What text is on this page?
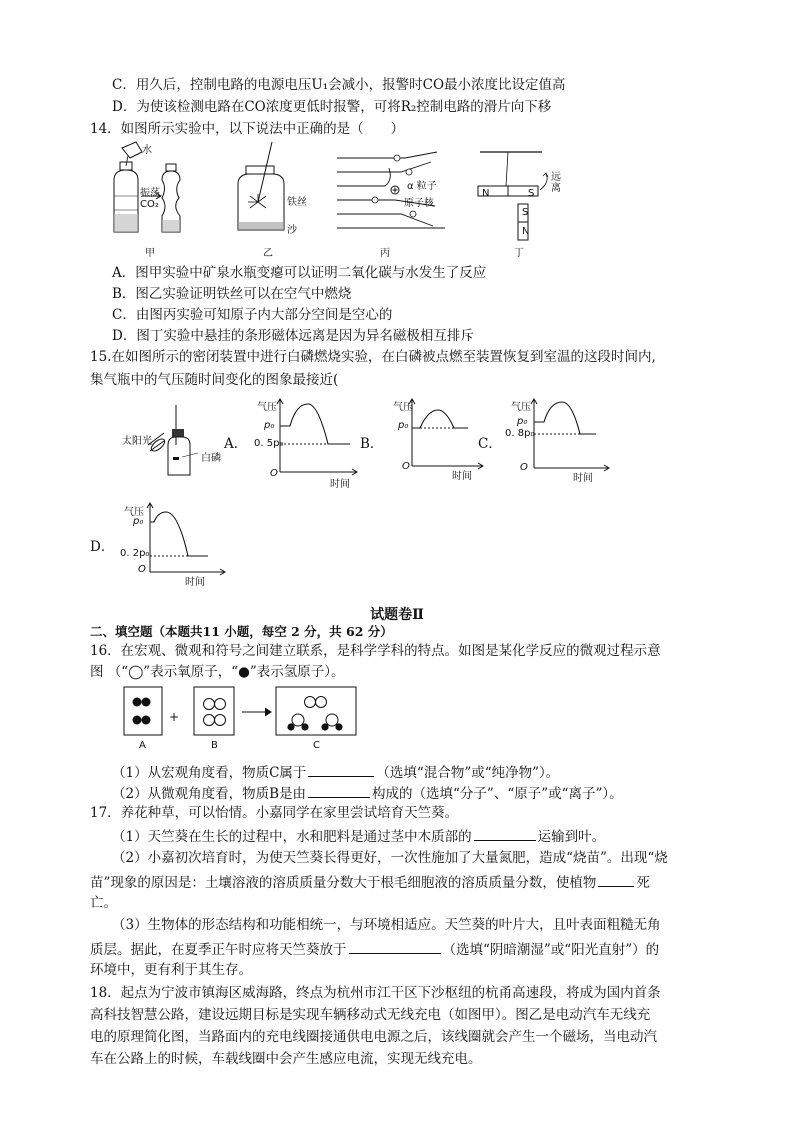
C．用久后，控制电路的电源电压U₁会减小，报警时CO最小浓度比设定值高
D．为使该检测电路在CO浓度更低时报警，可将R₂控制电路的滑片向下移
14．如图所示实验中，以下说法中正确的是（　　）
水
振荡
CO₂
甲
铁丝
沙
乙
α 粒子
原子核
丙
N	S
S
N
远离
丁
A．图甲实验中矿泉水瓶变瘪可以证明二氧化碳与水发生了反应
B．图乙实验证明铁丝可以在空气中燃烧
C．由图丙实验可知原子内大部分空间是空心的
D．图丁实验中悬挂的条形磁体远离是因为异名磁极相互排斥
15.在如图所示的密闭装置中进行白磷燃烧实验，在白磷被点燃至装置恢复到室温的这段时间内,
集气瓶中的气压随时间变化的图象最接近(
太阳光
白磷
A．
气压
p₀
0. 5p₀
O
时间
B．
气压
p₀
O
时间
C．
气压
p₀
0. 8p₀
O
时间
D．
气压
p₀
0. 2p₀
O
时间
试题卷Ⅱ
二、填空题（本题共11 小题，每空 2 分，共 62 分）
16．在宏观、微观和符号之间建立联系，是科学学科的特点。如图是某化学反应的微观过程示意
图 （“◯”表示氧原子，“●”表示氢原子）。
+
A	B	C
（1）从宏观角度看，物质C属于	（选填“混合物”或“纯净物”）。
（2）从微观角度看，物质B是由	构成的（选填“分子”、“原子”或“离子”）。
17．养花种草，可以怡情。小嘉同学在家里尝试培育天竺葵。
（1）天竺葵在生长的过程中，水和肥料是通过茎中木质部的	运输到叶。
（2）小嘉初次培育时，为使天竺葵长得更好，一次性施加了大量氮肥，造成“烧苗”。出现“烧
苗”现象的原因是：土壤溶液的溶质质量分数大于根毛细胞液的溶质质量分数，使植物	死
亡。
（3）生物体的形态结构和功能相统一，与环境相适应。天竺葵的叶片大，且叶表面粗糙无角
质层。据此，在夏季正午时应将天竺葵放于	（选填“阴暗潮湿”或“阳光直射”）的
环境中，更有利于其生存。
18．起点为宁波市镇海区威海路，终点为杭州市江干区下沙枢纽的杭甬高速段，将成为国内首条
高科技智慧公路，建设远期目标是实现车辆移动式无线充电（如图甲）。图乙是电动汽车无线充
电的原理简化图，当路面内的充电线圈接通供电电源之后，该线圈就会产生一个磁场，当电动汽
车在公路上的时候，车载线圈中会产生感应电流，实现无线充电。
